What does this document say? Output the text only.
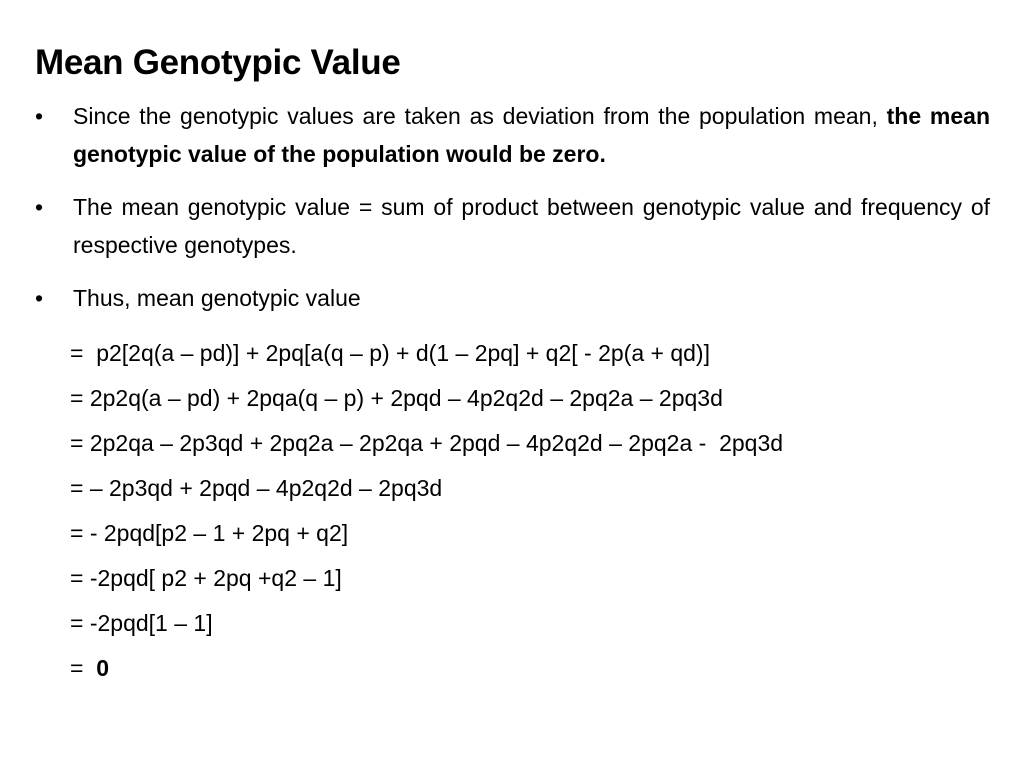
Mean Genotypic Value
•	Since the genotypic values are taken as deviation from the population mean, the mean genotypic value of the population would be zero.
•	The mean genotypic value = sum of product between genotypic value and frequency of respective genotypes.
•	Thus, mean genotypic value
=  p2[2q(a – pd)] + 2pq[a(q – p) + d(1 – 2pq] + q2[ - 2p(a + qd)]
= 2p2q(a – pd) + 2pqa(q – p) + 2pqd – 4p2q2d – 2pq2a – 2pq3d
= 2p2qa – 2p3qd + 2pq2a – 2p2qa + 2pqd – 4p2q2d – 2pq2a -  2pq3d
= – 2p3qd + 2pqd – 4p2q2d – 2pq3d
= - 2pqd[p2 – 1 + 2pq + q2]
= -2pqd[ p2 + 2pq +q2 – 1]
= -2pqd[1 – 1]
=  0
